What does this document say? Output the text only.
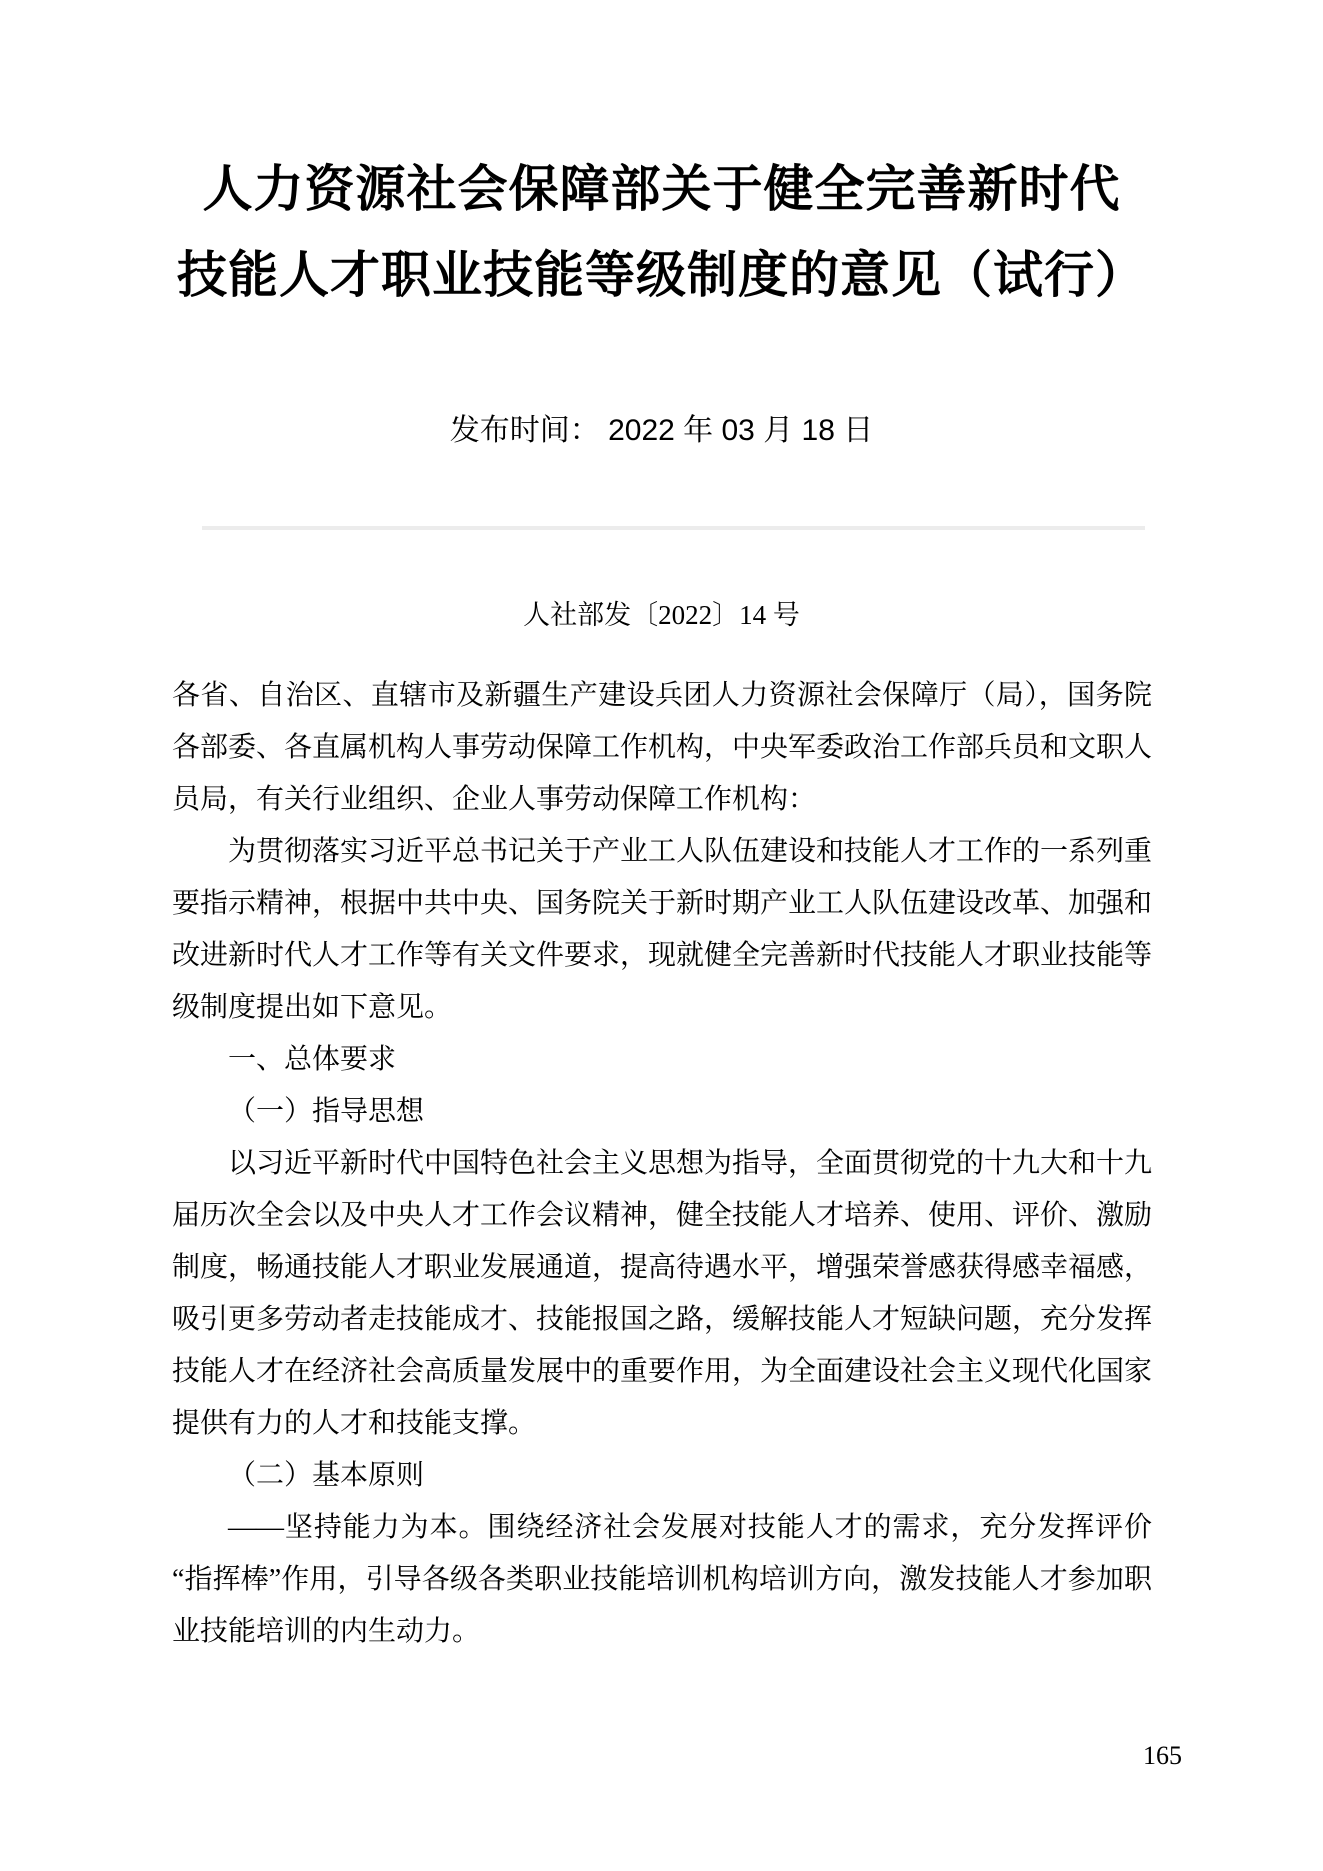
人力资源社会保障部关于健全完善新时代
技能人才职业技能等级制度的意见（试行）
发布时间： 2022 年 03 月 18 日
人社部发〔2022〕14 号

各省、自治区、直辖市及新疆生产建设兵团人力资源社会保障厅（局），国务院各部委、各直属机构人事劳动保障工作机构，中央军委政治工作部兵员和文职人员局，有关行业组织、企业人事劳动保障工作机构：

为贯彻落实习近平总书记关于产业工人队伍建设和技能人才工作的一系列重要指示精神，根据中共中央、国务院关于新时期产业工人队伍建设改革、加强和改进新时代人才工作等有关文件要求，现就健全完善新时代技能人才职业技能等级制度提出如下意见。

一、总体要求

（一）指导思想

以习近平新时代中国特色社会主义思想为指导，全面贯彻党的十九大和十九届历次全会以及中央人才工作会议精神，健全技能人才培养、使用、评价、激励制度，畅通技能人才职业发展通道，提高待遇水平，增强荣誉感获得感幸福感，吸引更多劳动者走技能成才、技能报国之路，缓解技能人才短缺问题，充分发挥技能人才在经济社会高质量发展中的重要作用，为全面建设社会主义现代化国家提供有力的人才和技能支撑。

（二）基本原则

——坚持能力为本。围绕经济社会发展对技能人才的需求，充分发挥评价“指挥棒”作用，引导各级各类职业技能培训机构培训方向，激发技能人才参加职业技能培训的内生动力。

165
